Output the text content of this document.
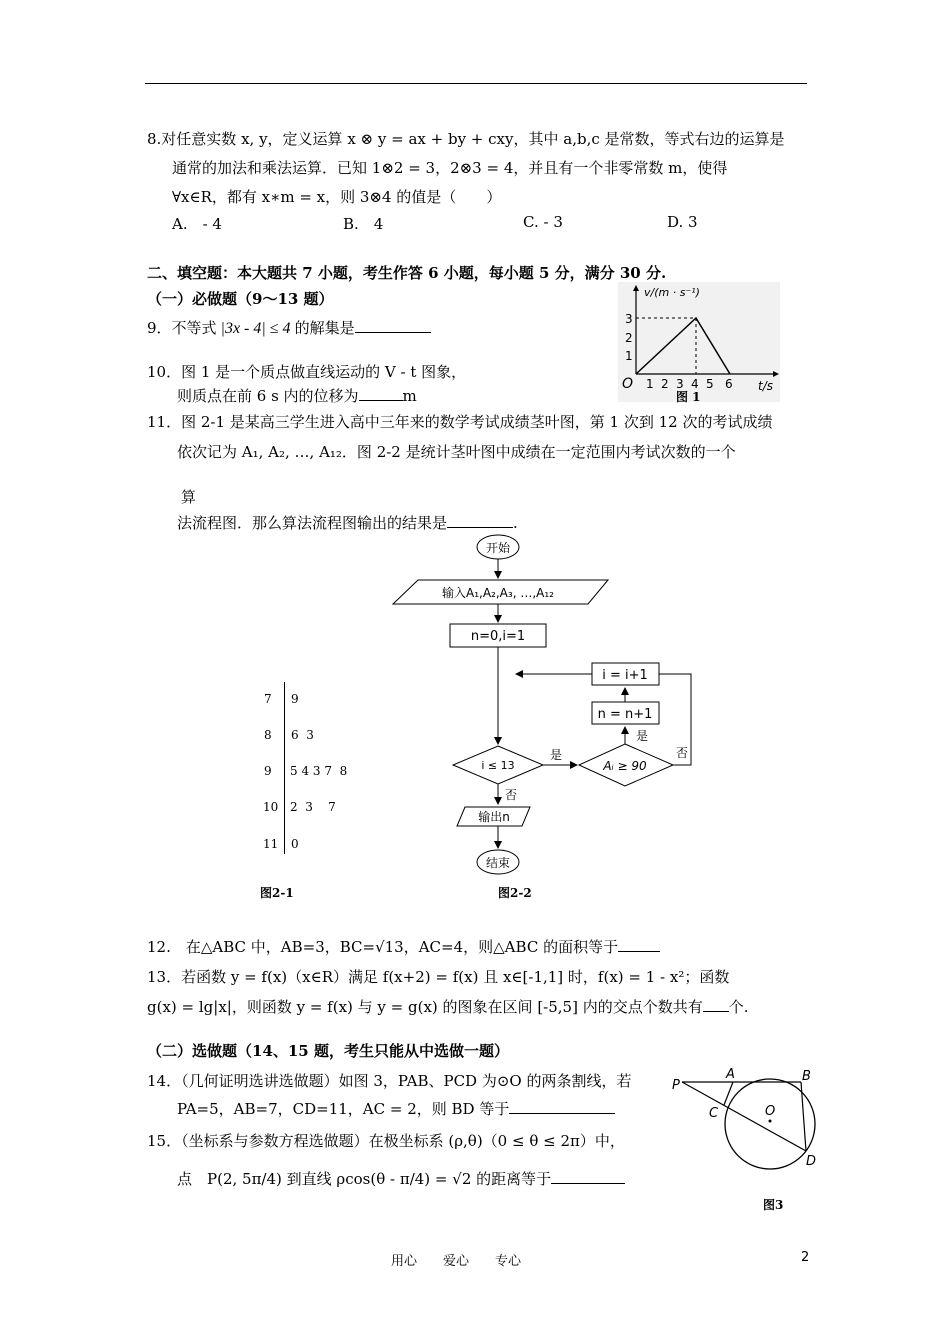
8.对任意实数 x, y，定义运算 x ⊗ y = ax + by + cxy，其中 a,b,c 是常数，等式右边的运算是
通常的加法和乘法运算．已知 1⊗2 = 3，2⊗3 = 4，并且有一个非零常数 m，使得
∀x∈R，都有 x∗m = x，则 3⊗4 的值是（　　）
A.　- 4	B.　4	C. - 3	D. 3
二、填空题：本大题共 7 小题，考生作答 6 小题，每小题 5 分，满分 30 分.
（一）必做题（9～13 题）
9．不等式 |3x - 4| ≤ 4 的解集是
10．图 1 是一个质点做直线运动的 V - t 图象，
则质点在前 6 s 内的位移为	m
v/(m · s⁻¹)
t/s
O 1 2 3 4 5 6
1
2
3
图 1
11．图 2-1 是某高三学生进入高中三年来的数学考试成绩茎叶图，第 1 次到 12 次的考试成绩
依次记为 A₁, A₂, …, A₁₂．图 2-2 是统计茎叶图中成绩在一定范围内考试次数的一个
算
法流程图．那么算法流程图输出的结果是	.
7 9
8 6  3
9 5 4 3 7  8
10 2  3    7
11 0
图2-1
开始
输入A₁,A₂,A₃, …,A₁₂
n=0,i=1
i = i+1
n = n+1
i ≤ 13
是
Aᵢ ≥ 90
是
否
否
输出n
结束
图2-2
12.　在△ABC 中，AB=3，BC=√13，AC=4，则△ABC 的面积等于
13．若函数 y = f(x)（x∈R）满足 f(x+2) = f(x) 且 x∈[-1,1] 时，f(x) = 1 - x²；函数
g(x) = lg|x|，则函数 y = f(x) 与 y = g(x) 的图象在区间 [-5,5] 内的交点个数共有 个.
（二）选做题（14、15 题，考生只能从中选做一题）
14．（几何证明选讲选做题）如图 3，PAB、PCD 为⊙O 的两条割线，若
PA=5，AB=7，CD=11，AC = 2，则 BD 等于
15．（坐标系与参数方程选做题）在极坐标系 (ρ,θ)（0 ≤ θ ≤ 2π）中，
点　P(2, 5π/4) 到直线 ρcos(θ - π/4) = √2 的距离等于
P
A	B
C	O
D
图3
用心　　爱心　　专心	2
